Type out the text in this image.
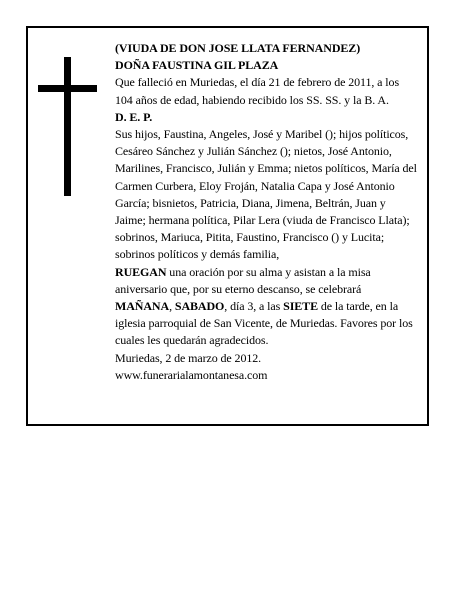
(VIUDA DE DON JOSE LLATA FERNANDEZ)

DOÑA FAUSTINA GIL PLAZA

Que falleció en Muriedas, el día 21 de febrero de 2011, a los 104 años de edad, habiendo recibido los SS. SS. y la B. A.

D. E. P.

Sus hijos, Faustina, Angeles, José y Maribel (); hijos políticos, Cesáreo Sánchez y Julián Sánchez (); nietos, José Antonio, Marilines, Francisco, Julián y Emma; nietos políticos, María del Carmen Curbera, Eloy Froján, Natalia Capa y José Antonio García; bisnietos, Patricia, Diana, Jimena, Beltrán, Juan y Jaime; hermana política, Pilar Lera (viuda de Francisco Llata); sobrinos, Mariuca, Pitita, Faustino, Francisco () y Lucita; sobrinos políticos y demás familia,

RUEGAN una oración por su alma y asistan a la misa aniversario que, por su eterno descanso, se celebrará MAÑANA, SABADO, día 3, a las SIETE de la tarde, en la iglesia parroquial de San Vicente, de Muriedas. Favores por los cuales les quedarán agradecidos.

Muriedas, 2 de marzo de 2012.

www.funerarialamontanesa.com
